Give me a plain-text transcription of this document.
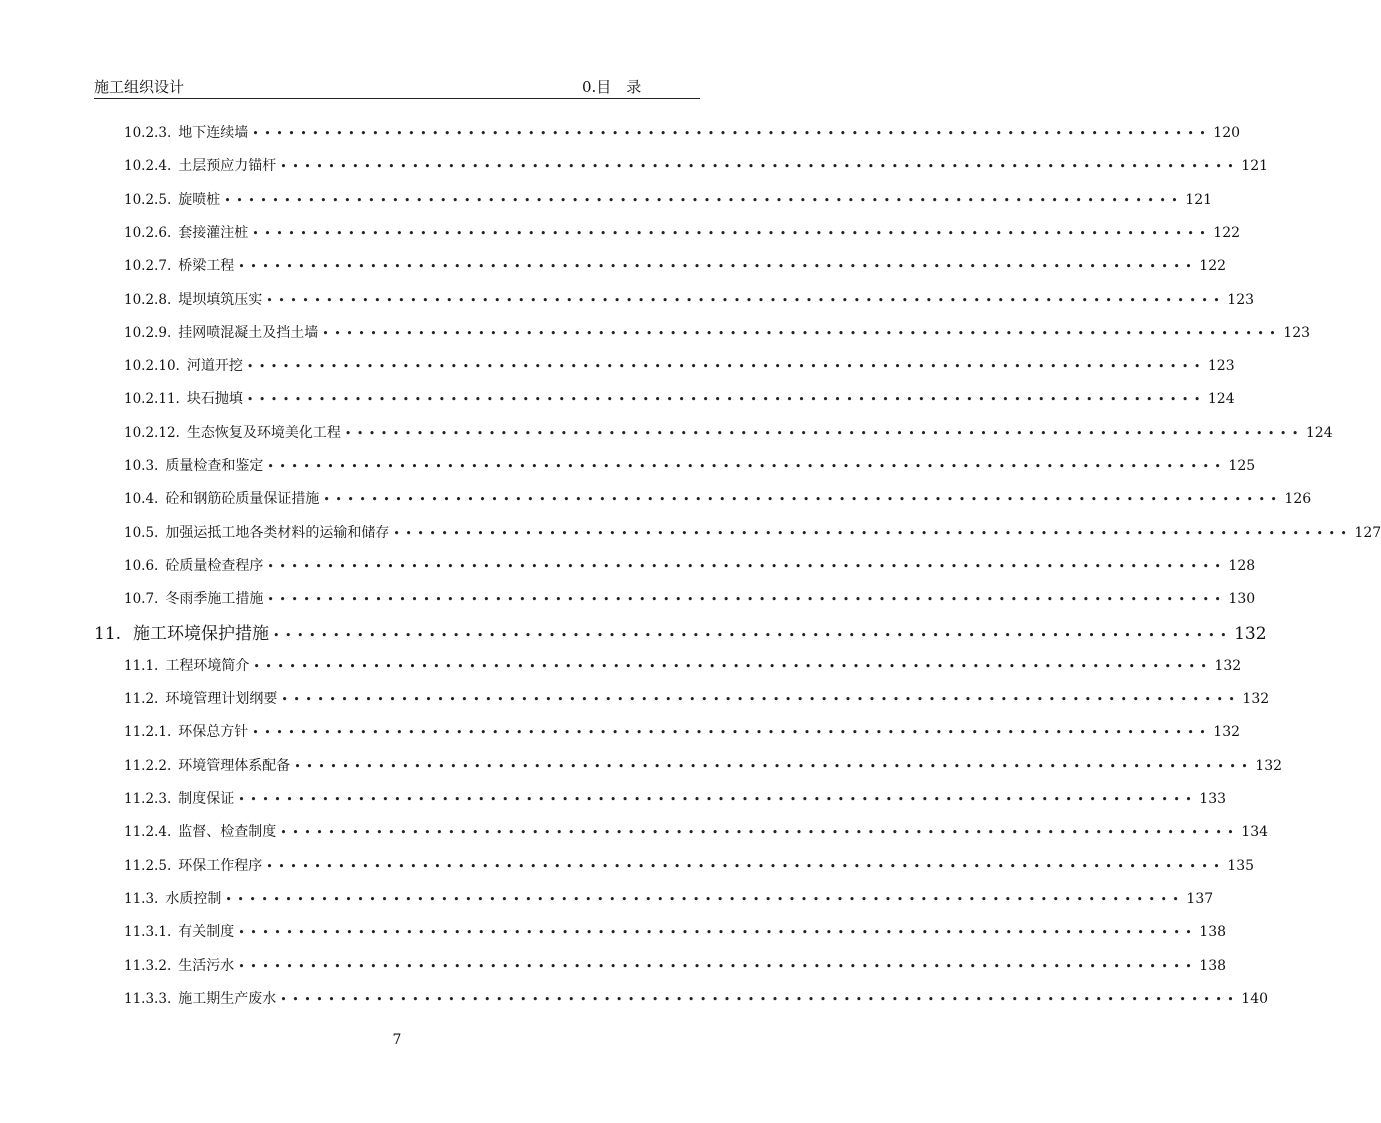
施工组织设计	0.目　录
10.2.3. 地下连续墙 •••••••••••••••••••••••••••••••••••••••••••••••••••••••••••••••••••••••••••••••• 120
10.2.4. 土层预应力锚杆 •••••••••••••••••••••••••••••••••••••••••••••••••••••••••••••••••••••••••••••••• 121
10.2.5. 旋喷桩 •••••••••••••••••••••••••••••••••••••••••••••••••••••••••••••••••••••••••••••••• 121
10.2.6. 套接灌注桩 •••••••••••••••••••••••••••••••••••••••••••••••••••••••••••••••••••••••••••••••• 122
10.2.7. 桥梁工程 •••••••••••••••••••••••••••••••••••••••••••••••••••••••••••••••••••••••••••••••• 122
10.2.8. 堤坝填筑压实 •••••••••••••••••••••••••••••••••••••••••••••••••••••••••••••••••••••••••••••••• 123
10.2.9. 挂网喷混凝土及挡土墙 •••••••••••••••••••••••••••••••••••••••••••••••••••••••••••••••••••••••••••••••• 123
10.2.10. 河道开挖 •••••••••••••••••••••••••••••••••••••••••••••••••••••••••••••••••••••••••••••••• 123
10.2.11. 块石抛填 •••••••••••••••••••••••••••••••••••••••••••••••••••••••••••••••••••••••••••••••• 124
10.2.12. 生态恢复及环境美化工程 •••••••••••••••••••••••••••••••••••••••••••••••••••••••••••••••••••••••••••••••• 124
10.3. 质量检查和鉴定 •••••••••••••••••••••••••••••••••••••••••••••••••••••••••••••••••••••••••••••••• 125
10.4. 砼和钢筋砼质量保证措施 •••••••••••••••••••••••••••••••••••••••••••••••••••••••••••••••••••••••••••••••• 126
10.5. 加强运抵工地各类材料的运输和储存 •••••••••••••••••••••••••••••••••••••••••••••••••••••••••••••••••••••••••••••••• 127
10.6. 砼质量检查程序 •••••••••••••••••••••••••••••••••••••••••••••••••••••••••••••••••••••••••••••••• 128
10.7. 冬雨季施工措施 •••••••••••••••••••••••••••••••••••••••••••••••••••••••••••••••••••••••••••••••• 130
11. 施工环境保护措施 •••••••••••••••••••••••••••••••••••••••••••••••••••••••••••••••••••••••••••••••• 132
11.1. 工程环境简介 •••••••••••••••••••••••••••••••••••••••••••••••••••••••••••••••••••••••••••••••• 132
11.2. 环境管理计划纲要 •••••••••••••••••••••••••••••••••••••••••••••••••••••••••••••••••••••••••••••••• 132
11.2.1. 环保总方针 •••••••••••••••••••••••••••••••••••••••••••••••••••••••••••••••••••••••••••••••• 132
11.2.2. 环境管理体系配备 •••••••••••••••••••••••••••••••••••••••••••••••••••••••••••••••••••••••••••••••• 132
11.2.3. 制度保证 •••••••••••••••••••••••••••••••••••••••••••••••••••••••••••••••••••••••••••••••• 133
11.2.4. 监督、检查制度 •••••••••••••••••••••••••••••••••••••••••••••••••••••••••••••••••••••••••••••••• 134
11.2.5. 环保工作程序 •••••••••••••••••••••••••••••••••••••••••••••••••••••••••••••••••••••••••••••••• 135
11.3. 水质控制 •••••••••••••••••••••••••••••••••••••••••••••••••••••••••••••••••••••••••••••••• 137
11.3.1. 有关制度 •••••••••••••••••••••••••••••••••••••••••••••••••••••••••••••••••••••••••••••••• 138
11.3.2. 生活污水 •••••••••••••••••••••••••••••••••••••••••••••••••••••••••••••••••••••••••••••••• 138
11.3.3. 施工期生产废水 •••••••••••••••••••••••••••••••••••••••••••••••••••••••••••••••••••••••••••••••• 140
7
